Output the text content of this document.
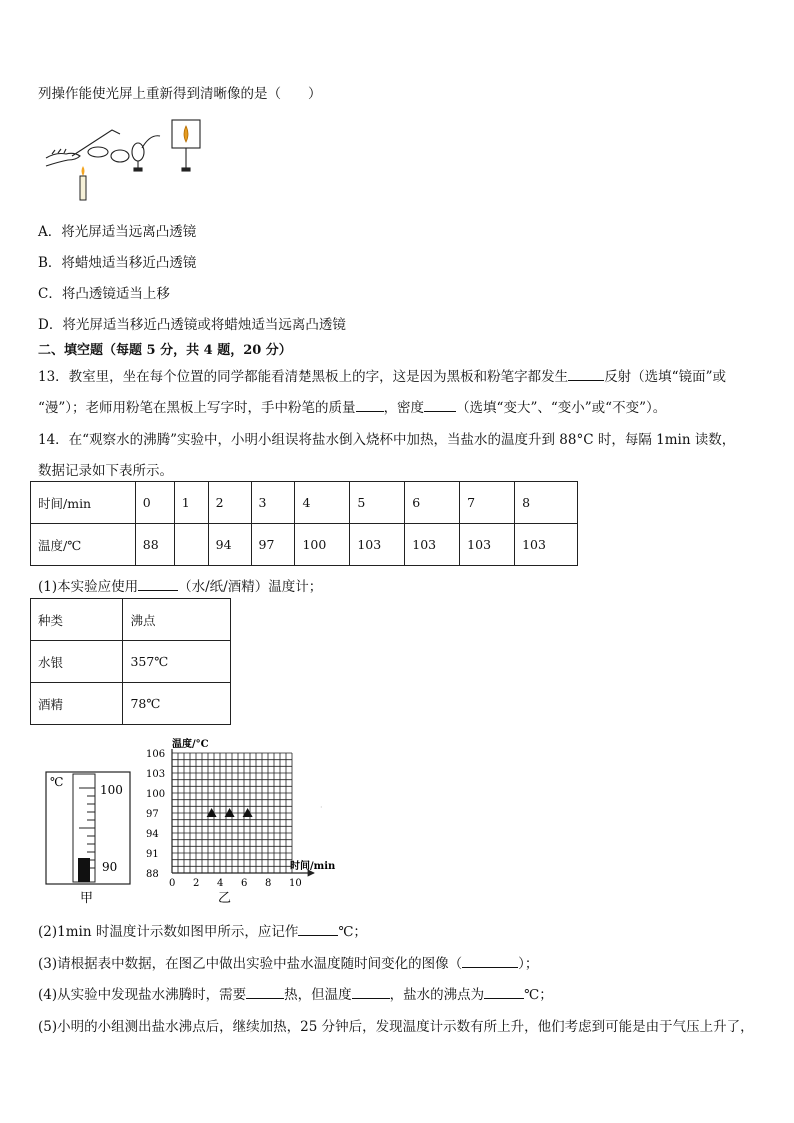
列操作能使光屏上重新得到清晰像的是（　　）
A．将光屏适当远离凸透镜
B．将蜡烛适当移近凸透镜
C．将凸透镜适当上移
D．将光屏适当移近凸透镜或将蜡烛适当远离凸透镜
二、填空题（每题 5 分，共 4 题，20 分）
13．教室里，坐在每个位置的同学都能看清楚黑板上的字，这是因为黑板和粉笔字都发生	反射（选填“镜面”或
“漫”）；老师用粉笔在黑板上写字时，手中粉笔的质量 ，密度 （选填“变大”、“变小”或“不变”）。
14．在“观察水的沸腾”实验中，小明小组误将盐水倒入烧杯中加热，当盐水的温度升到 88°C 时，每隔 1min 读数，
数据记录如下表所示。
时间/min	0	1	2	3	4	5	6	7	8
温度/℃	88		94	97	100	103	103	103	103
(1)本实验应使用	（水/纸/酒精）温度计；
种类	沸点
水银	357℃
酒精	78℃
℃
100
90
甲
温度/°C
时间/min
106
103
100
97
94
91
88
0 2 4 6 8 10
乙
·
(2)1min 时温度计示数如图甲所示，应记作	℃；
(3)请根据表中数据，在图乙中做出实验中盐水温度随时间变化的图像（	）；
(4)从实验中发现盐水沸腾时，需要	热，但温度	，盐水的沸点为	℃；
(5)小明的小组测出盐水沸点后，继续加热，25 分钟后，发现温度计示数有所上升，他们考虑到可能是由于气压上升了，
